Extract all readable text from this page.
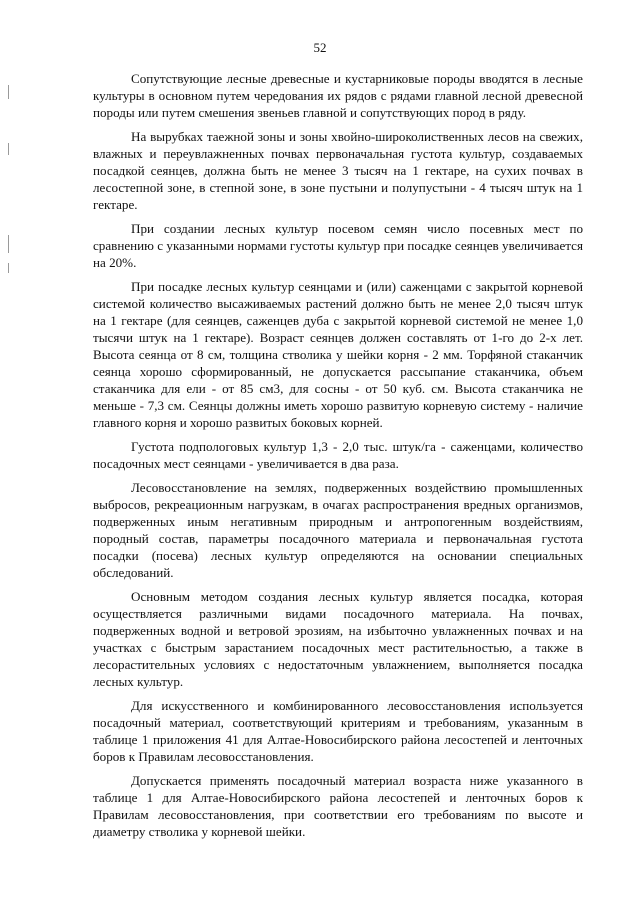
52

Сопутствующие лесные древесные и кустарниковые породы вводятся в лесные культуры в основном путем чередования их рядов с рядами главной лесной древесной породы или путем смешения звеньев главной и сопутствующих пород в ряду.

На вырубках таежной зоны и зоны хвойно-широколиственных лесов на свежих, влажных и переувлажненных почвах первоначальная густота культур, создаваемых посадкой сеянцев, должна быть не менее 3 тысяч на 1 гектаре, на сухих почвах в лесостепной зоне, в степной зоне, в зоне пустыни и полупустыни - 4 тысяч штук на 1 гектаре.

При создании лесных культур посевом семян число посевных мест по сравнению с указанными нормами густоты культур при посадке сеянцев увеличивается на 20%.

При посадке лесных культур сеянцами и (или) саженцами с закрытой корневой системой количество высаживаемых растений должно быть не менее 2,0 тысяч штук на 1 гектаре (для сеянцев, саженцев дуба с закрытой корневой системой не менее 1,0 тысячи штук на 1 гектаре). Возраст сеянцев должен составлять от 1-го до 2-х лет. Высота сеянца от 8 см, толщина стволика у шейки корня - 2 мм. Торфяной стаканчик сеянца хорошо сформированный, не допускается рассыпание стаканчика, объем стаканчика для ели - от 85 см3, для сосны - от 50 куб. см. Высота стаканчика не меньше - 7,3 см. Сеянцы должны иметь хорошо развитую корневую систему - наличие главного корня и хорошо развитых боковых корней.

Густота подпологовых культур 1,3 - 2,0 тыс. штук/га - саженцами, количество посадочных мест сеянцами - увеличивается в два раза.

Лесовосстановление на землях, подверженных воздействию промышленных выбросов, рекреационным нагрузкам, в очагах распространения вредных организмов, подверженных иным негативным природным и антропогенным воздействиям, породный состав, параметры посадочного материала и первоначальная густота посадки (посева) лесных культур определяются на основании специальных обследований.

Основным методом создания лесных культур является посадка, которая осуществляется различными видами посадочного материала. На почвах, подверженных водной и ветровой эрозиям, на избыточно увлажненных почвах и на участках с быстрым зарастанием посадочных мест растительностью, а также в лесорастительных условиях с недостаточным увлажнением, выполняется посадка лесных культур.

Для искусственного и комбинированного лесовосстановления используется посадочный материал, соответствующий критериям и требованиям, указанным в таблице 1 приложения 41 для Алтае-Новосибирского района лесостепей и ленточных боров к Правилам лесовосстановления.

Допускается применять посадочный материал возраста ниже указанного в таблице 1 для Алтае-Новосибирского района лесостепей и ленточных боров к Правилам лесовосстановления, при соответствии его требованиям по высоте и диаметру стволика у корневой шейки.
